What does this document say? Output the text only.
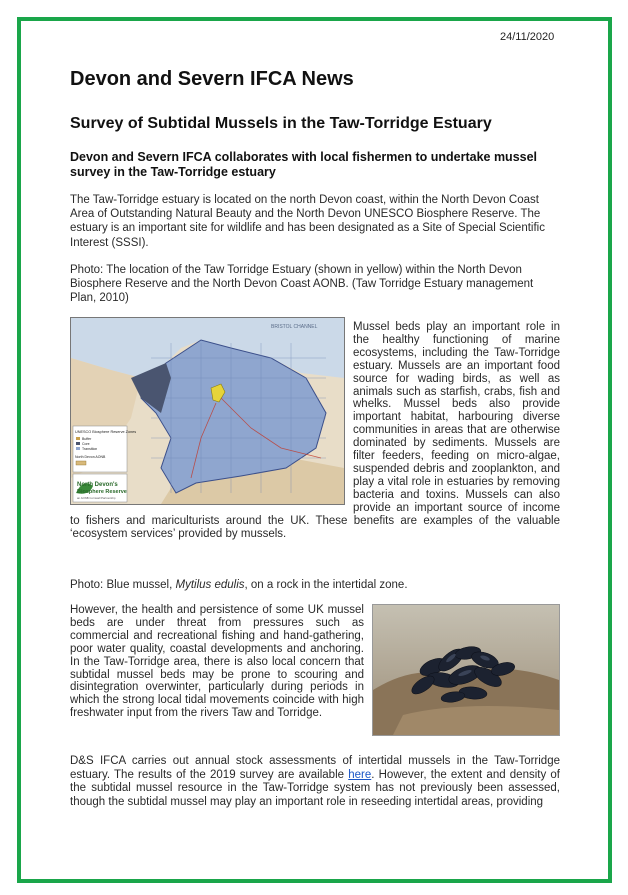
24/11/2020
Devon and Severn IFCA News
Survey of Subtidal Mussels in the Taw-Torridge Estuary
Devon and Severn IFCA collaborates with local fishermen to undertake mussel survey in the Taw-Torridge estuary

The Taw-Torridge estuary is located on the north Devon coast, within the North Devon Coast Area of Outstanding Natural Beauty and the North Devon UNESCO Biosphere Reserve. The estuary is an important site for wildlife and has been designated as a Site of Special Scientific Interest (SSSI).

Photo: The location of the Taw Torridge Estuary (shown in yellow) within the North Devon Biosphere Reserve and the North Devon Coast AONB. (Taw Torridge Estuary management Plan, 2010)

BRISTOL CHANNEL
UNESCO Biosphere Reserve Zones
Buffer
Core
Transition
North Devon AONB
North Devon's
Biosphere Reserve
an AONB Cornwall Partnership
Mussel beds play an important role in the healthy functioning of marine ecosystems, including the Taw-Torridge estuary. Mussels are an important food source for wading birds, as well as animals such as starfish, crabs, fish and whelks. Mussel beds also provide important habitat, harbouring diverse communities in areas that are otherwise dominated by sediments. Mussels are filter feeders, feeding on micro-algae, suspended debris and zooplankton, and play a vital role in estuaries by removing bacteria and toxins. Mussels can also provide an important source of income to fishers and mariculturists around the UK. These benefits are examples of the valuable ‘ecosystem services’ provided by mussels.

Photo: Blue mussel, Mytilus edulis, on a rock in the intertidal zone.

However, the health and persistence of some UK mussel beds are under threat from pressures such as commercial and recreational fishing and hand-gathering, poor water quality, coastal developments and anchoring. In the Taw-Torridge area, there is also local concern that subtidal mussel beds may be prone to scouring and disintegration overwinter, particularly during periods in which the strong local tidal movements coincide with high freshwater input from the rivers Taw and Torridge.
D&S IFCA carries out annual stock assessments of intertidal mussels in the Taw-Torridge estuary. The results of the 2019 survey are available here. However, the extent and density of the subtidal mussel resource in the Taw-Torridge system has not previously been assessed, though the subtidal mussel may play an important role in reseeding intertidal areas, providing
